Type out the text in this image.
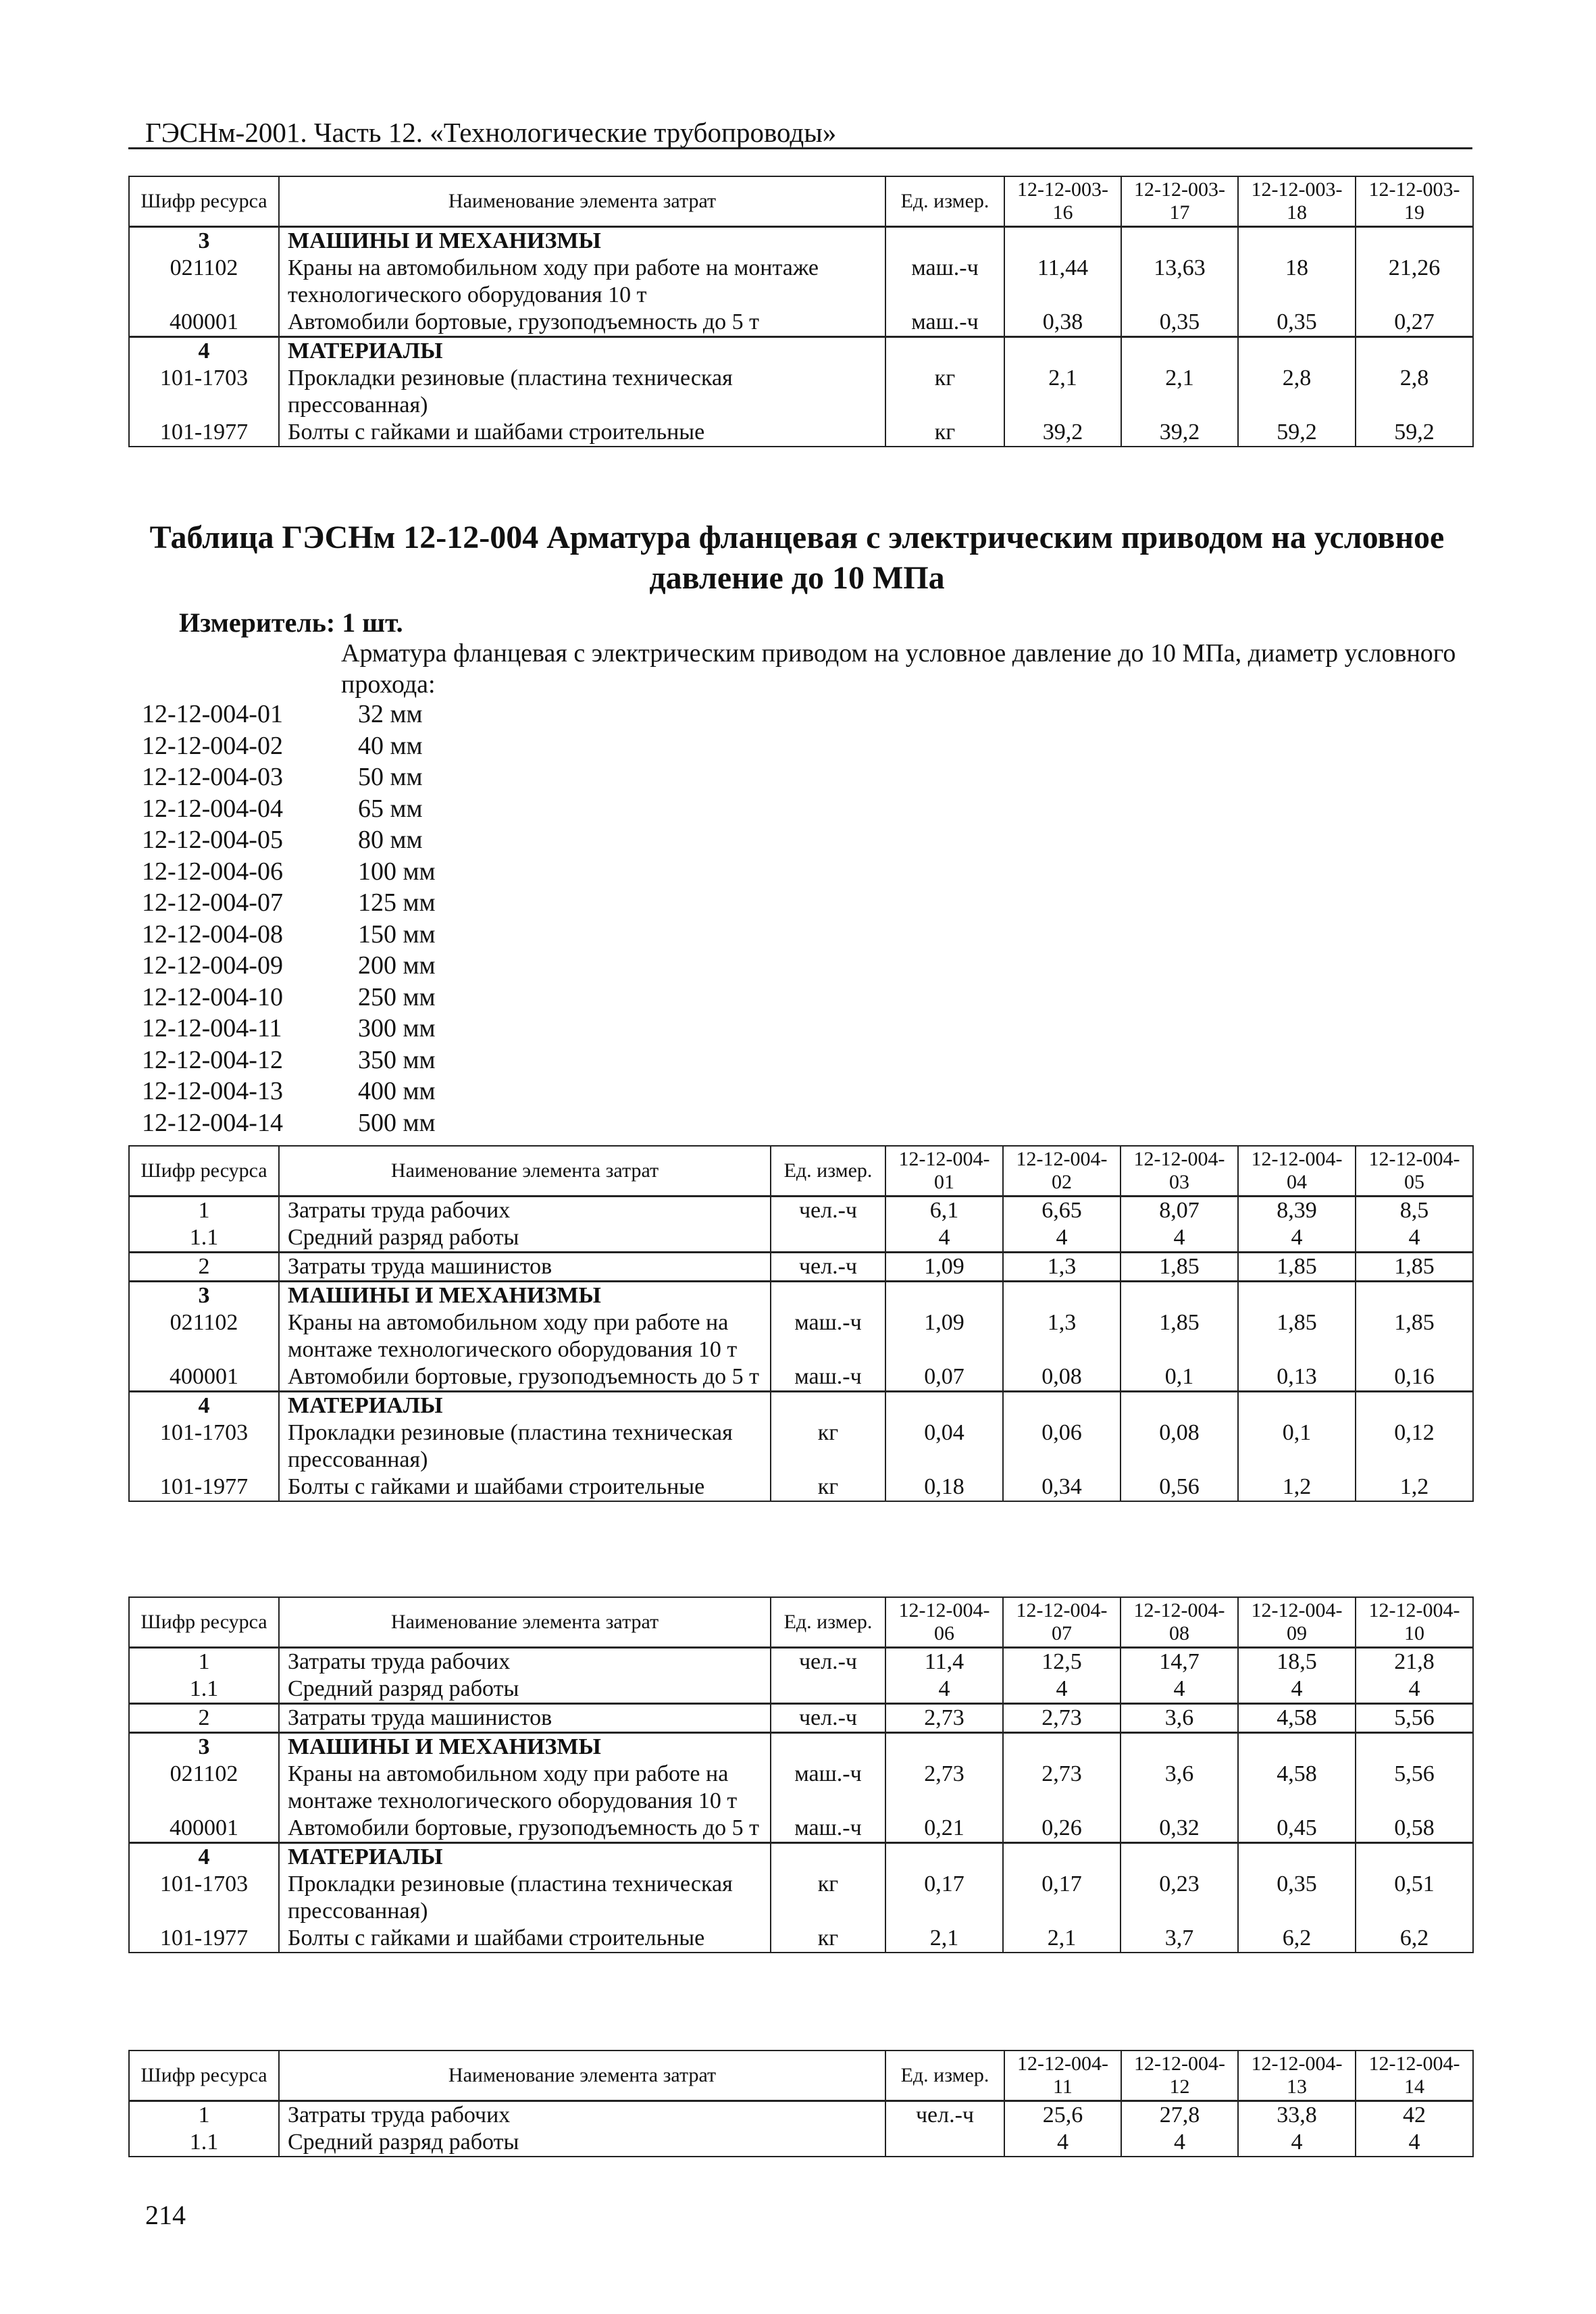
ГЭСНм-2001. Часть 12. «Технологические трубопроводы»
Шифр ресурса	Наименование элемента затрат	Ед. измер.	12-12-003-16	12-12-003-17	12-12-003-18	12-12-003-19
3	МАШИНЫ И МЕХАНИЗМЫ					
021102	Краны на автомобильном ходу при работе на монтаже технологического оборудования 10 т	маш.-ч	11,44	13,63	18	21,26
400001	Автомобили бортовые, грузоподъемность до 5 т	маш.-ч	0,38	0,35	0,35	0,27
4	МАТЕРИАЛЫ					
101-1703	Прокладки резиновые (пластина техническая прессованная)	кг	2,1	2,1	2,8	2,8
101-1977	Болты с гайками и шайбами строительные	кг	39,2	39,2	59,2	59,2
Таблица ГЭСНм 12-12-004 Арматура фланцевая с электрическим приводом на условное давление до 10 МПа
Измеритель: 1 шт.
Арматура фланцевая с электрическим приводом на условное давление до 10 МПа, диаметр условного прохода:
12-12-004-01	32 мм
12-12-004-02	40 мм
12-12-004-03	50 мм
12-12-004-04	65 мм
12-12-004-05	80 мм
12-12-004-06	100 мм
12-12-004-07	125 мм
12-12-004-08	150 мм
12-12-004-09	200 мм
12-12-004-10	250 мм
12-12-004-11	300 мм
12-12-004-12	350 мм
12-12-004-13	400 мм
12-12-004-14	500 мм
Шифр ресурса	Наименование элемента затрат	Ед. измер.	12-12-004-01	12-12-004-02	12-12-004-03	12-12-004-04	12-12-004-05
1	Затраты труда рабочих	чел.-ч	6,1	6,65	8,07	8,39	8,5
1.1	Средний разряд работы		4	4	4	4	4
2	Затраты труда машинистов	чел.-ч	1,09	1,3	1,85	1,85	1,85
3	МАШИНЫ И МЕХАНИЗМЫ						
021102	Краны на автомобильном ходу при работе на монтаже технологического оборудования 10 т	маш.-ч	1,09	1,3	1,85	1,85	1,85
400001	Автомобили бортовые, грузоподъемность до 5 т	маш.-ч	0,07	0,08	0,1	0,13	0,16
4	МАТЕРИАЛЫ						
101-1703	Прокладки резиновые (пластина техническая прессованная)	кг	0,04	0,06	0,08	0,1	0,12
101-1977	Болты с гайками и шайбами строительные	кг	0,18	0,34	0,56	1,2	1,2
Шифр ресурса	Наименование элемента затрат	Ед. измер.	12-12-004-06	12-12-004-07	12-12-004-08	12-12-004-09	12-12-004-10
1	Затраты труда рабочих	чел.-ч	11,4	12,5	14,7	18,5	21,8
1.1	Средний разряд работы		4	4	4	4	4
2	Затраты труда машинистов	чел.-ч	2,73	2,73	3,6	4,58	5,56
3	МАШИНЫ И МЕХАНИЗМЫ						
021102	Краны на автомобильном ходу при работе на монтаже технологического оборудования 10 т	маш.-ч	2,73	2,73	3,6	4,58	5,56
400001	Автомобили бортовые, грузоподъемность до 5 т	маш.-ч	0,21	0,26	0,32	0,45	0,58
4	МАТЕРИАЛЫ						
101-1703	Прокладки резиновые (пластина техническая прессованная)	кг	0,17	0,17	0,23	0,35	0,51
101-1977	Болты с гайками и шайбами строительные	кг	2,1	2,1	3,7	6,2	6,2
Шифр ресурса	Наименование элемента затрат	Ед. измер.	12-12-004-11	12-12-004-12	12-12-004-13	12-12-004-14
1	Затраты труда рабочих	чел.-ч	25,6	27,8	33,8	42
1.1	Средний разряд работы		4	4	4	4
214
